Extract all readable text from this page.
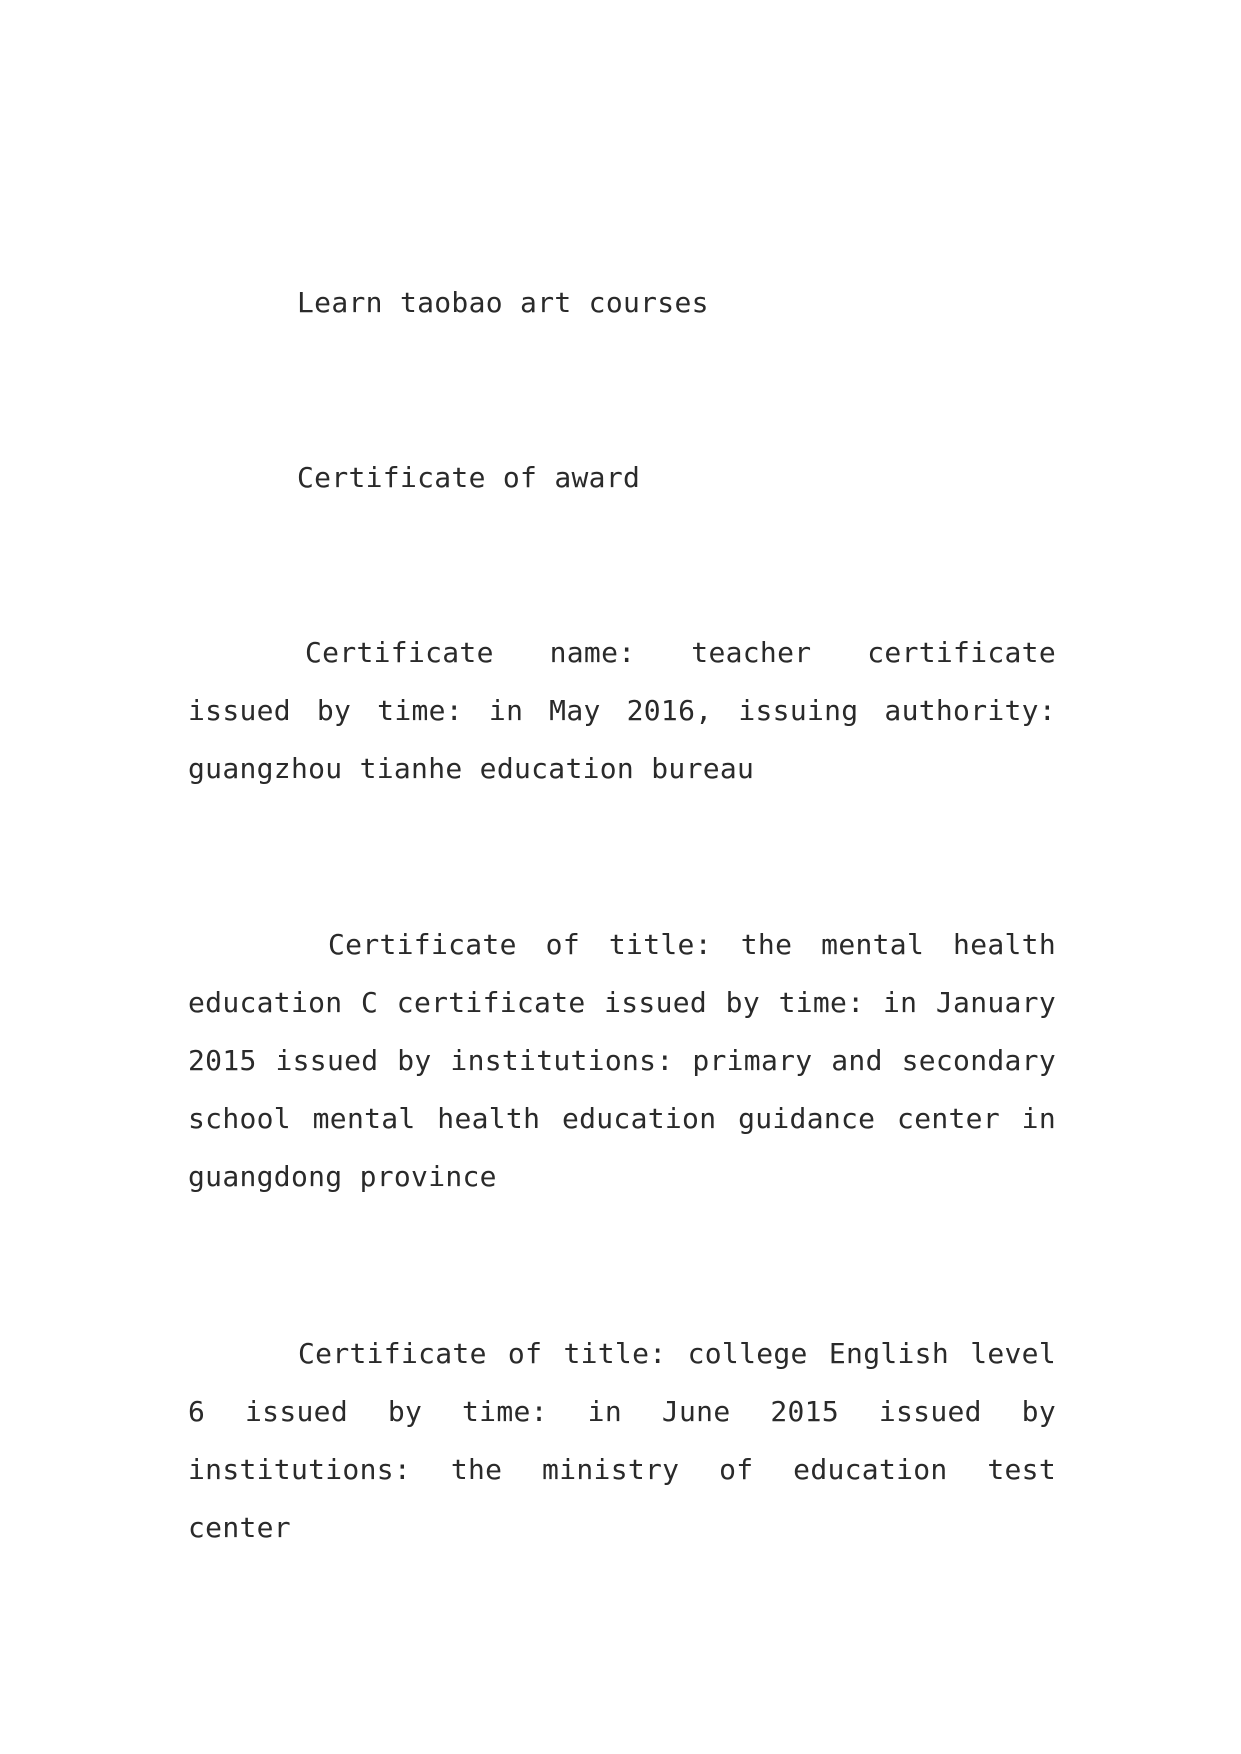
Learn taobao art courses

Certificate of award

Certificate name: teacher certificate issued by time: in May 2016, issuing authority: guangzhou tianhe education bureau

Certificate of title: the mental health education C certificate issued by time: in January 2015 issued by institutions: primary and secondary school mental health education guidance center in guangdong province

Certificate of title: college English level 6 issued by time: in June 2015 issued by institutions: the ministry of education test center
